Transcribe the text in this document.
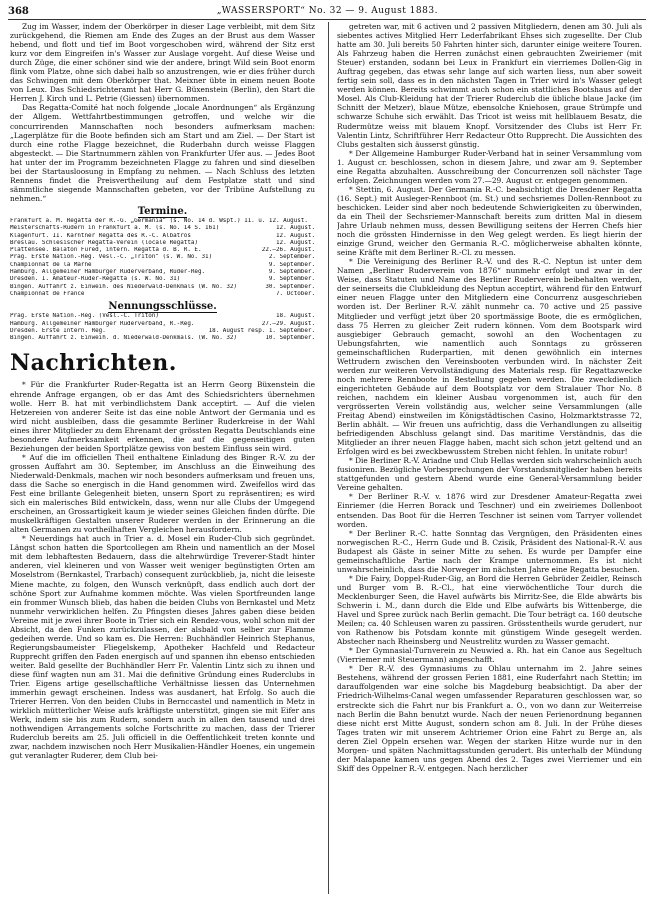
368	„WASSERSPORT“ No. 32 — 9. August 1883.

Zug im Wasser, indem der Oberkörper in dieser Lage verbleibt, mit dem Sitz zurückgehend, die Riemen am Ende des Zuges an der Brust aus dem Wasser hebend, und flott und tief im Boot vorgeschoben wird, während der Sitz erst kurz vor dem Eingreifen in's Wasser zur Auslage vorgeht. Auf diese Weise und durch Züge, die einer schöner sind wie der andere, bringt Wild sein Boot enorm flink vom Platze, ohne sich dabei halb so anzustrengen, wie er dies früher durch das Schwingen mit dem Oberkörper that. Meixner übte in einem neuen Boote von Leux. Das Schiedsrichteramt hat Herr G. Büxenstein (Berlin), den Start die Herren J. Kirch und L. Petrie (Giessen) übernommen.

Das Regatta-Comité hat noch folgende „locale Anordnungen“ als Ergänzung der Allgem. Wettfahrtbestimmungen getroffen, und welche wir die concurrirenden Mannschaften noch besonders aufmerksam machen: „Lagerplätze für die Boote befinden sich am Start und am Ziel. — Der Start ist durch eine rothe Flagge bezeichnet, die Ruderbahn durch weisse Flaggen abgesteckt. — Die Startnummern zählen von Frankfurter Ufer aus. — Jedes Boot hat unter der im Programm bezeichneten Flagge zu fahren und sind dieselben bei der Startausloosung in Empfang zu nehmen. — Nach Schluss des letzten Rennens findet die Preisvertheilung auf dem Festplatze statt und sind sämmtliche siegende Mannschaften gebeten, vor der Tribüne Aufstellung zu nehmen.“

Termine.
Frankfurt a. M. Regatta der R.-G. „Germania“ (s. No. 14 d. Wspt.) 11. u. 12. August.
Meisterschafts-Rudern in Frankfurt a. M. (s. No. 14 S. 161)	12. August.
Klagenfurt. II. Kärntner Regatta des R.-C. Albatros	12. August.
Breslau. Schlesischer Regatta-Verein (locale Regatta)	12. August.
Plattensee. Balaton Füred, intern. Regatta d. B. R. E.	22.—26. August.
Prag. Erste Nation.-Reg. Vesl.-C. „Triton“ (s. W. No. 31)	2. September.
Championnat de la Marne	9. September.
Hamburg. Allgemeiner Hamburger Ruderverband, Ruder-Reg.	9. September.
Dresden. I. Amateur-Ruder-Regatta (s. W. No. 31)	9. September.
Bingen. Auffahrt z. Einweih. des Niederwald-Denkmals (W. No. 32)	30. September.
Championnat de France	7. October.
Nennungsschlüsse.
Prag. Erste Nation.-Reg. (Vesl.-C. Triton)	18. August.
Hamburg. Allgemeiner Hamburger Ruderverband, R.-Reg.	27.—29. August.
Dresden. Erste Intern. Reg.	18. August resp. 1. September.
Bingen. Auffahrt z. Einweih. d. Niederwald-Denkmals. (W. No. 32)	10. September.
Nachrichten.

* Für die Frankfurter Ruder-Regatta ist an Herrn Georg Büxenstein die ehrende Anfrage ergangen, ob er das Amt des Schiedsrichters übernehmen wolle. Herr B. hat mit verbindlichstem Dank acceptirt. — Auf die vielen Hetzereien von anderer Seite ist das eine noble Antwort der Germania und es wird nicht ausbleiben, dass die gesammte Berliner Ruderkreise in der Wahl eines ihrer Mitglieder zu dem Ehrenamt der grössten Regatta Deutschlands eine besondere Aufmerksamkeit erkennen, die auf die gegenseitigen guten Beziehungen der beiden Sportplätze gewiss von bestem Einfluss sein wird.

* Auf die im officiellen Theil enthaltene Einladung des Binger R.-V. zu der grossen Auffahrt am 30. September, im Anschluss an die Einweihung des Niederwald-Denkmals, machen wir noch besonders aufmerksam und freuen uns, dass die Sache so energisch in die Hand genommen wird. Zweifellos wird das Fest eine brillante Gelegenheit bieten, unsern Sport zu repräsentiren; es wird sich ein malerisches Bild entwickeln, dass, wenn nur alle Clubs der Umgegend erscheinen, an Grossartigkeit kaum je wieder seines Gleichen finden dürfte. Die muskelkräftigen Gestalten unserer Ruderer werden in der Erinnerung an die alten Germanen zu vortheilhaften Vergleichen herausfordern.

* Neuerdings hat auch in Trier a. d. Mosel ein Ruder-Club sich gegründet. Längst schon hatten die Sportcollegen am Rhein und namentlich an der Mosel mit dem lebhaftesten Bedauern, dass die altehrwürdige Treverer-Stadt hinter anderen, viel kleineren und von Wasser weit weniger begünstigten Orten am Moselstrom (Bernkastel, Trarbach) consequent zurückblieb, ja, nicht die leiseste Miene machte, zu folgen, den Wunsch verknüpft, dass endlich auch dort der schöne Sport zur Aufnahme kommen möchte. Was vielen Sportfreunden lange ein frommer Wunsch blieb, das haben die beiden Clubs von Bernkastel und Metz nunmehr verwirklichen helfen. Zu Pfingsten dieses Jahres gaben diese beiden Vereine mit je zwei ihrer Boote in Trier sich ein Rendez-vous, wohl schon mit der Absicht, da den Funken zurückzulassen, der alsbald von selber zur Flamme gedeihen werde. Und so kam es. Die Herren: Buchhändler Heinrich Stephanus, Regierungsbaumeister Fliegelskemp, Apotheker Hachfeld und Redacteur Rupprecht griffen den Faden energisch auf und spannen ihn ebenso entschieden weiter. Bald gesellte der Buchhändler Herr Fr. Valentin Lintz sich zu ihnen und diese fünf wagten nun am 31. Mai die definitive Gründung eines Ruderclubs in Trier. Eigens artige gesellschaftliche Verhältnisse liessen das Unternehmen immerhin gewagt erscheinen. Indess was ausdanert, hat Erfolg. So auch die Trierer Herren. Von den beiden Clubs in Bernccastel und namentlich in Metz in wirklich mütterlicher Weise aufs kräftigste unterstützt, gingen sie mit Eifer ans Werk, indem sie bis zum Rudern, sondern auch in allen den tausend und drei nothwendigen Arrangements solche Fortschritte zu machen, dass der Trierer Ruderclub bereits am 25. Juli officiell in die Oeffentlichkeit treten konnte und zwar, nachdem inzwischen noch Herr Musikalien-Händler Hoenes, ein ungemein gut veranlagter Ruderer, dem Club bei-

getreten war, mit 6 activen und 2 passiven Mitgliedern, denen am 30. Juli als siebentes actives Mitglied Herr Lederfabrikant Ehses sich zugesellte. Der Club hatte am 30. Juli bereits 50 Fahrten hinter sich, darunter einige weitere Touren. Als Fahrzeug haben die Herren zunächst einen gebrauchten Zweiriemer (mit Steuer) erstanden, sodann bei Leux in Frankfurt ein vierriemes Dollen-Gig in Auftrag gegeben, das etwas sehr lange auf sich warten liess, nun aber soweit fertig sein soll, dass es in den nächsten Tagen in Trier wird in's Wasser gelegt werden können. Bereits schwimmt auch schon ein stattliches Bootshaus auf der Mosel. Als Club-Kleidung hat der Trierer Ruderclub die übliche blaue Jacke (im Schnitt der Metzer), blaue Mütze, ebensolche Kniehosen, graue Strümpfe und schwarze Schuhe sich erwählt. Das Tricot ist weiss mit hellblauem Besatz, die Rudermütze weiss mit blauem Knopf. Vorsitzender des Clubs ist Herr Fr. Valentin Lintz, Schriftführer Herr Redacteur Otto Rupprecht. Die Aussichten des Clubs gestalten sich äusserst günstig.

* Der Allgemeine Hamburger Ruder-Verband hat in seiner Versammlung vom 1. August cr. beschlossen, schon in diesem Jahre, und zwar am 9. September eine Regatta abzuhalten. Ausschreibung der Concurrenzen soll nächster Tage erfolgen. Zeichnungen werden vom 27.—29. August cr. entgegen genommen.

* Stettin, 6. August. Der Germania R.-C. beabsichtigt die Dresdener Regatta (16. Sept.) mit Ausleger-Rennboot (m. St.) und sechsriemes Dollen-Rennboot zu beschicken. Leider sind aber noch bedeutende Schwierigkeiten zu überwinden, da ein Theil der Sechsriemer-Mannschaft bereits zum dritten Mal in diesem Jahre Urlaub nehmen muss, dessen Bewilligung seitens der Herren Chefs hier noch die grössten Hindernisse in den Weg gelegt werden. Es liegt hierin der einzige Grund, weicher den Germania R.-C. möglicherweise abhalten könnte, seine Kräfte mit dem Berliner R.-Cl. zu messen.

* Die Vereinigung des Berliner R.-V. und des R.-C. Neptun ist unter dem Namen „Berliner Ruderverein von 1876“ nunmehr erfolgt und zwar in der Weise, dass Statuten und Name des Berliner Ruderverein beibehalten werden, der seinerseits die Clubkleidung des Neptun acceptirt, während für den Entwurf einer neuen Flagge unter den Mitgliedern eine Concurrenz ausgeschrieben worden ist. Der Berliner R.-V. zählt nunmehr ca. 70 active und 25 passive Mitglieder und verfügt jetzt über 20 sportmässige Boote, die es ermöglichen, dass 75 Herren zu gleicher Zeit rudern können. Vom dem Bootspark wird ausgiebiger Gebrauch gemacht, sowohl an den Wochentagen zu Uebungsfahrten, wie namentlich auch Sonntags zu grösseren gemeinschaftlichen Ruderpartien, mit denen gewöhnlich ein internes Wettrudern zwischen den Vereinsbooten verbunden wird. In nächster Zeit werden zur weiteren Vervollständigung des Materials resp. für Regattazwecke noch mehrere Rennboote in Bestellung gegeben werden. Die zweckdienlich eingerichteten Gebäude auf dem Bootsplatz vor dem Stralauer Thor No. 8 reichen, nachdem ein kleiner Ausbau vorgenommen ist, auch für den vergrösserten Verein vollständig aus, welcher seine Versammlungen (alle Freitag Abend) einstweilen im Königstädtischen Casino, Holzmarktstrasse 72, Berlin abhält. — Wir freuen uns aufrichtig, dass die Verhandlungen zu allseitig befriedigenden Abschluss gelangt sind. Das maritime Verständnis, das die Mitglieder an ihrer neuen Flagge haben, macht sich schon jetzt geltend und an Erfolgen wird es bei zweckbewusstem Streben nicht fehlen. In unitate robur!

* Die Berliner R.-V. Ariadne und Club Hellas werden sich wahrscheinlich auch fusioniren. Bezügliche Vorbesprechungen der Vorstandsmitglieder haben bereits stattgefunden und gestern Abend wurde eine General-Versammlung beider Vereine gehalten.

* Der Berliner R.-V. v. 1876 wird zur Dresdener Amateur-Regatta zwei Einriemer (die Herren Borack und Teschner) und ein zweiriemes Dollenboot entsenden. Das Boot für die Herren Teschner ist seinen vom Tarryer vollendet worden.

* Der Berliner R.-C. hatte Sonntag das Vergnügen, den Präsidenten eines norwegischen R.-C., Herrn Gude und B. Czisik, Präsident des National-R.-V. aus Budapest als Gäste in seiner Mitte zu sehen. Es wurde per Dampfer eine gemeinschaftliche Partie nach der Krampe unternommen. Es ist nicht unwahrscheinlich, dass die Norweger im nächsten Jahre eine Regatta besuchen.

* Die Fairy, Doppel-Ruder-Gig, an Bord die Herren Gebrüder Zeidler, Reinsch und Burger vom B. R.-Cl., hat eine vierwöchentliche Tour durch die Mecklenburger Seen, die Havel aufwärts bis Mirritz-See, die Elde abwärts bis Schwerin i. M., dann durch die Elde und Elbe aufwärts bis Wittenberge, die Havel und Spree zurück nach Berlin gemacht. Die Tour beträgt ca. 160 deutsche Meilen; ca. 40 Schleusen waren zu passiren. Grösstentheils wurde gerudert, nur von Rathenow bis Potsdam konnte mit günstigem Winde gesegelt werden. Abstecher nach Rheinsberg und Neustrelitz wurden zu Wasser gemacht.

* Der Gymnasial-Turnverein zu Neuwied a. Rh. hat ein Canoe aus Segeltuch (Vierriemer mit Steuermann) angeschafft.

* Der R.-V. des Gymnasiums zu Ohlau unternahm im 2. Jahre seines Bestehens, während der grossen Ferien 1881, eine Ruderfahrt nach Stettin; im darauffolgenden war eine solche bis Magdeburg beabsichtigt. Da aber der Friedrich-Wilhelms-Canal wegen umfassender Reparaturen geschlossen war, so erstreckte sich die Fahrt nur bis Frankfurt a. O., von wo dann zur Weiterreise nach Berlin die Bahn benutzt wurde. Nach der neuen Ferienordnung begannen diese nicht erst Mitte August, sondern schon am 8. Juli. In der Frühe dieses Tages traten wir mit unserem Achtriemer Orion eine Fahrt zu Berge an, als deren Ziel Oppeln ersehen war. Wegen der starken Hitze wurde nur in den Morgen- und späten Nachmittagsstunden gerudert. Bis unterhalb der Mündung der Malapane kamen uns gegen Abend des 2. Tages zwei Vierriemer und ein Skiff des Oppelner R.-V. entgegen. Nach herzlicher
